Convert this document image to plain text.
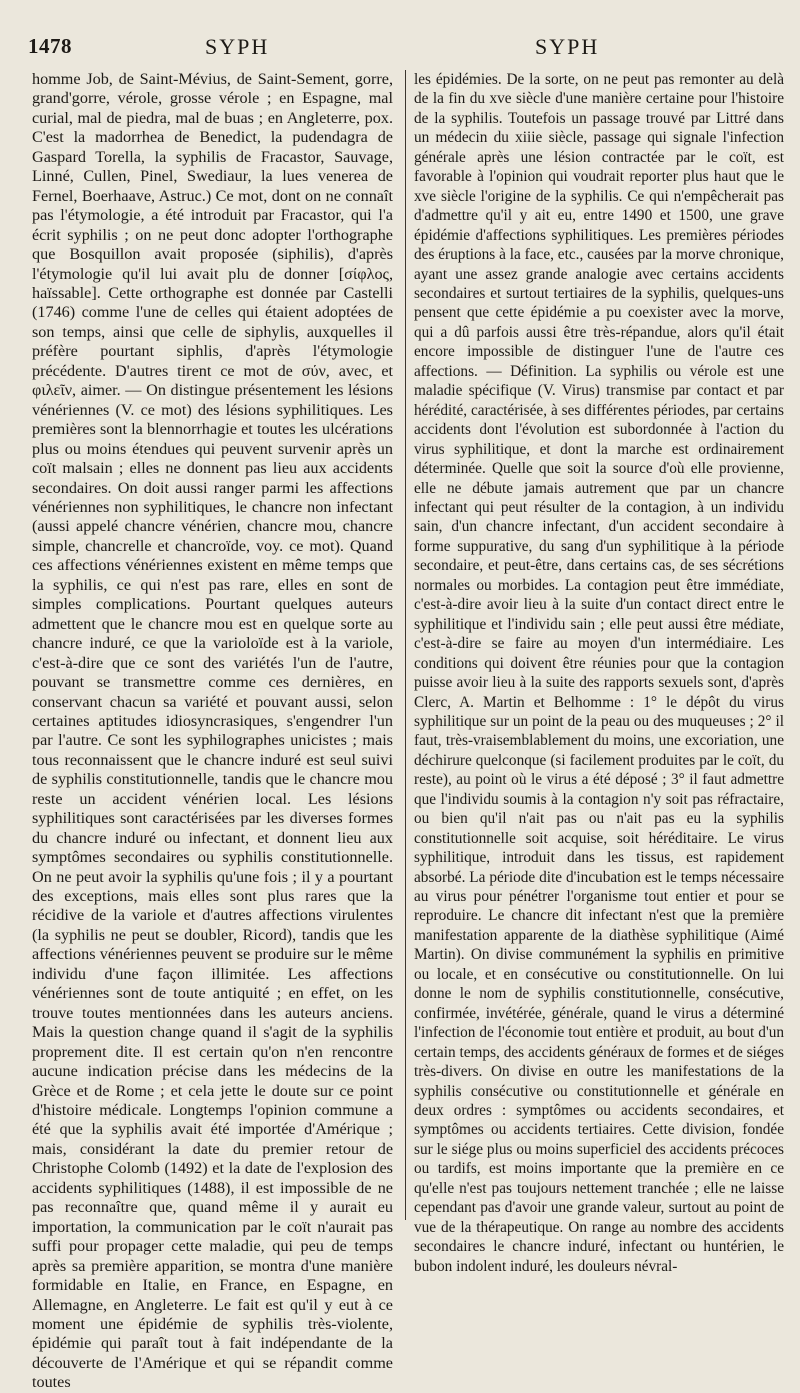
1478	SYPH	SYPH

homme Job, de Saint-Mévius, de Saint-Sement, gorre, grand'gorre, vérole, grosse vérole ; en Espagne, mal curial, mal de piedra, mal de buas ; en Angleterre, pox. C'est la madorrhea de Benedict, la pudendagra de Gaspard Torella, la syphilis de Fracastor, Sauvage, Linné, Cullen, Pinel, Swediaur, la lues venerea de Fernel, Boerhaave, Astruc.) Ce mot, dont on ne connaît pas l'étymologie, a été introduit par Fracastor, qui l'a écrit syphilis ; on ne peut donc adopter l'orthographe que Bosquillon avait proposée (siphilis), d'après l'étymologie qu'il lui avait plu de donner [σίφλος, haïssable]. Cette orthographe est donnée par Castelli (1746) comme l'une de celles qui étaient adoptées de son temps, ainsi que celle de siphylis, auxquelles il préfère pourtant siphlis, d'après l'étymologie précédente. D'autres tirent ce mot de σύν, avec, et φιλεῖν, aimer. — On distingue présentement les lésions vénériennes (V. ce mot) des lésions syphilitiques. Les premières sont la blennorrhagie et toutes les ulcérations plus ou moins étendues qui peuvent survenir après un coït malsain ; elles ne donnent pas lieu aux accidents secondaires. On doit aussi ranger parmi les affections vénériennes non syphilitiques, le chancre non infectant (aussi appelé chancre vénérien, chancre mou, chancre simple, chancrelle et chancroïde, voy. ce mot). Quand ces affections vénériennes existent en même temps que la syphilis, ce qui n'est pas rare, elles en sont de simples complications. Pourtant quelques auteurs admettent que le chancre mou est en quelque sorte au chancre induré, ce que la varioloïde est à la variole, c'est-à-dire que ce sont des variétés l'un de l'autre, pouvant se transmettre comme ces dernières, en conservant chacun sa variété et pouvant aussi, selon certaines aptitudes idiosyncrasiques, s'engendrer l'un par l'autre. Ce sont les syphilographes unicistes ; mais tous reconnaissent que le chancre induré est seul suivi de syphilis constitutionnelle, tandis que le chancre mou reste un accident vénérien local. Les lésions syphilitiques sont caractérisées par les diverses formes du chancre induré ou infectant, et donnent lieu aux symptômes secondaires ou syphilis constitutionnelle. On ne peut avoir la syphilis qu'une fois ; il y a pourtant des exceptions, mais elles sont plus rares que la récidive de la variole et d'autres affections virulentes (la syphilis ne peut se doubler, Ricord), tandis que les affections vénériennes peuvent se produire sur le même individu d'une façon illimitée. Les affections vénériennes sont de toute antiquité ; en effet, on les trouve toutes mentionnées dans les auteurs anciens. Mais la question change quand il s'agit de la syphilis proprement dite. Il est certain qu'on n'en rencontre aucune indication précise dans les médecins de la Grèce et de Rome ; et cela jette le doute sur ce point d'histoire médicale. Longtemps l'opinion commune a été que la syphilis avait été importée d'Amérique ; mais, considérant la date du premier retour de Christophe Colomb (1492) et la date de l'explosion des accidents syphilitiques (1488), il est impossible de ne pas reconnaître que, quand même il y aurait eu importation, la communication par le coït n'aurait pas suffi pour propager cette maladie, qui peu de temps après sa première apparition, se montra d'une manière formidable en Italie, en France, en Espagne, en Allemagne, en Angleterre. Le fait est qu'il y eut à ce moment une épidémie de syphilis très-violente, épidémie qui paraît tout à fait indépendante de la découverte de l'Amérique et qui se répandit comme toutes

les épidémies. De la sorte, on ne peut pas remonter au delà de la fin du xve siècle d'une manière certaine pour l'histoire de la syphilis. Toutefois un passage trouvé par Littré dans un médecin du xiiie siècle, passage qui signale l'infection générale après une lésion contractée par le coït, est favorable à l'opinion qui voudrait reporter plus haut que le xve siècle l'origine de la syphilis. Ce qui n'empêcherait pas d'admettre qu'il y ait eu, entre 1490 et 1500, une grave épidémie d'affections syphilitiques. Les premières périodes des éruptions à la face, etc., causées par la morve chronique, ayant une assez grande analogie avec certains accidents secondaires et surtout tertiaires de la syphilis, quelques-uns pensent que cette épidémie a pu coexister avec la morve, qui a dû parfois aussi être très-répandue, alors qu'il était encore impossible de distinguer l'une de l'autre ces affections. — Définition. La syphilis ou vérole est une maladie spécifique (V. Virus) transmise par contact et par hérédité, caractérisée, à ses différentes périodes, par certains accidents dont l'évolution est subordonnée à l'action du virus syphilitique, et dont la marche est ordinairement déterminée. Quelle que soit la source d'où elle provienne, elle ne débute jamais autrement que par un chancre infectant qui peut résulter de la contagion, à un individu sain, d'un chancre infectant, d'un accident secondaire à forme suppurative, du sang d'un syphilitique à la période secondaire, et peut-être, dans certains cas, de ses sécrétions normales ou morbides. La contagion peut être immédiate, c'est-à-dire avoir lieu à la suite d'un contact direct entre le syphilitique et l'individu sain ; elle peut aussi être médiate, c'est-à-dire se faire au moyen d'un intermédiaire. Les conditions qui doivent être réunies pour que la contagion puisse avoir lieu à la suite des rapports sexuels sont, d'après Clerc, A. Martin et Belhomme : 1° le dépôt du virus syphilitique sur un point de la peau ou des muqueuses ; 2° il faut, très-vraisemblablement du moins, une excoriation, une déchirure quelconque (si facilement produites par le coït, du reste), au point où le virus a été déposé ; 3° il faut admettre que l'individu soumis à la contagion n'y soit pas réfractaire, ou bien qu'il n'ait pas ou n'ait pas eu la syphilis constitutionnelle soit acquise, soit héréditaire. Le virus syphilitique, introduit dans les tissus, est rapidement absorbé. La période dite d'incubation est le temps nécessaire au virus pour pénétrer l'organisme tout entier et pour se reproduire. Le chancre dit infectant n'est que la première manifestation apparente de la diathèse syphilitique (Aimé Martin). On divise communément la syphilis en primitive ou locale, et en consécutive ou constitutionnelle. On lui donne le nom de syphilis constitutionnelle, consécutive, confirmée, invétérée, générale, quand le virus a déterminé l'infection de l'économie tout entière et produit, au bout d'un certain temps, des accidents généraux de formes et de siéges très-divers. On divise en outre les manifestations de la syphilis consécutive ou constitutionnelle et générale en deux ordres : symptômes ou accidents secondaires, et symptômes ou accidents tertiaires. Cette division, fondée sur le siége plus ou moins superficiel des accidents précoces ou tardifs, est moins importante que la première en ce qu'elle n'est pas toujours nettement tranchée ; elle ne laisse cependant pas d'avoir une grande valeur, surtout au point de vue de la thérapeutique. On range au nombre des accidents secondaires le chancre induré, infectant ou huntérien, le bubon indolent induré, les douleurs névral-
